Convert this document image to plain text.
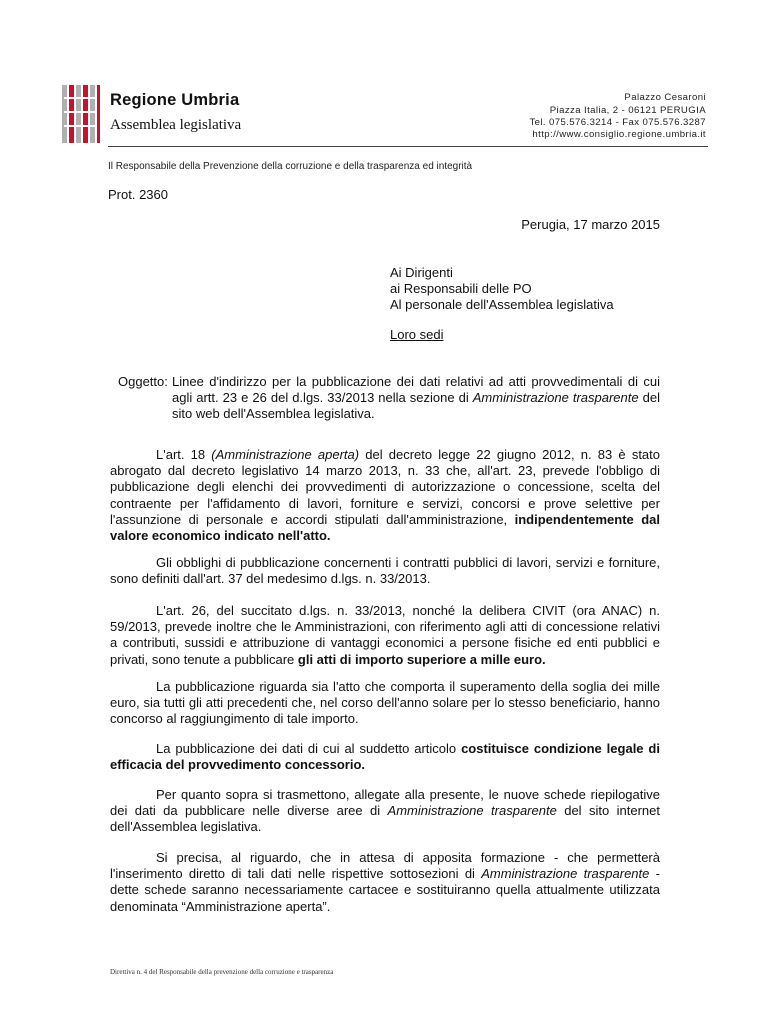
Regione Umbria
Assemblea legislativa
Palazzo Cesaroni
Piazza Italia, 2 - 06121 PERUGIA
Tel. 075.576.3214 - Fax 075.576.3287
http://www.consiglio.regione.umbria.it
Il Responsabile della Prevenzione della corruzione e della trasparenza ed integrità
Prot. 2360
Perugia, 17 marzo 2015
Ai Dirigenti
ai Responsabili delle PO
Al personale dell'Assemblea legislativa
Loro sedi
Oggetto: Linee d'indirizzo per la pubblicazione dei dati relativi ad atti provvedimentali di cui agli artt. 23 e 26 del d.lgs. 33/2013 nella sezione di Amministrazione trasparente del sito web dell'Assemblea legislativa.
L'art. 18 (Amministrazione aperta) del decreto legge 22 giugno 2012, n. 83 è stato abrogato dal decreto legislativo 14 marzo 2013, n. 33 che, all'art. 23, prevede l'obbligo di pubblicazione degli elenchi dei provvedimenti di autorizzazione o concessione, scelta del contraente per l'affidamento di lavori, forniture e servizi, concorsi e prove selettive per l'assunzione di personale e accordi stipulati dall'amministrazione, indipendentemente dal valore economico indicato nell'atto.
Gli obblighi di pubblicazione concernenti i contratti pubblici di lavori, servizi e forniture, sono definiti dall'art. 37 del medesimo d.lgs. n. 33/2013.
L'art. 26, del succitato d.lgs. n. 33/2013, nonché la delibera CIVIT (ora ANAC) n. 59/2013, prevede inoltre che le Amministrazioni, con riferimento agli atti di concessione relativi a contributi, sussidi e attribuzione di vantaggi economici a persone fisiche ed enti pubblici e privati, sono tenute a pubblicare gli atti di importo superiore a mille euro.
La pubblicazione riguarda sia l'atto che comporta il superamento della soglia dei mille euro, sia tutti gli atti precedenti che, nel corso dell'anno solare per lo stesso beneficiario, hanno concorso al raggiungimento di tale importo.
La pubblicazione dei dati di cui al suddetto articolo costituisce condizione legale di efficacia del provvedimento concessorio.
Per quanto sopra si trasmettono, allegate alla presente, le nuove schede riepilogative dei dati da pubblicare nelle diverse aree di Amministrazione trasparente del sito internet dell'Assemblea legislativa.
Si precisa, al riguardo, che in attesa di apposita formazione - che permetterà l'inserimento diretto di tali dati nelle rispettive sottosezioni di Amministrazione trasparente - dette schede saranno necessariamente cartacee e sostituiranno quella attualmente utilizzata denominata “Amministrazione aperta”.
Direttiva n. 4 del Responsabile della prevenzione della corruzione e trasparenza
